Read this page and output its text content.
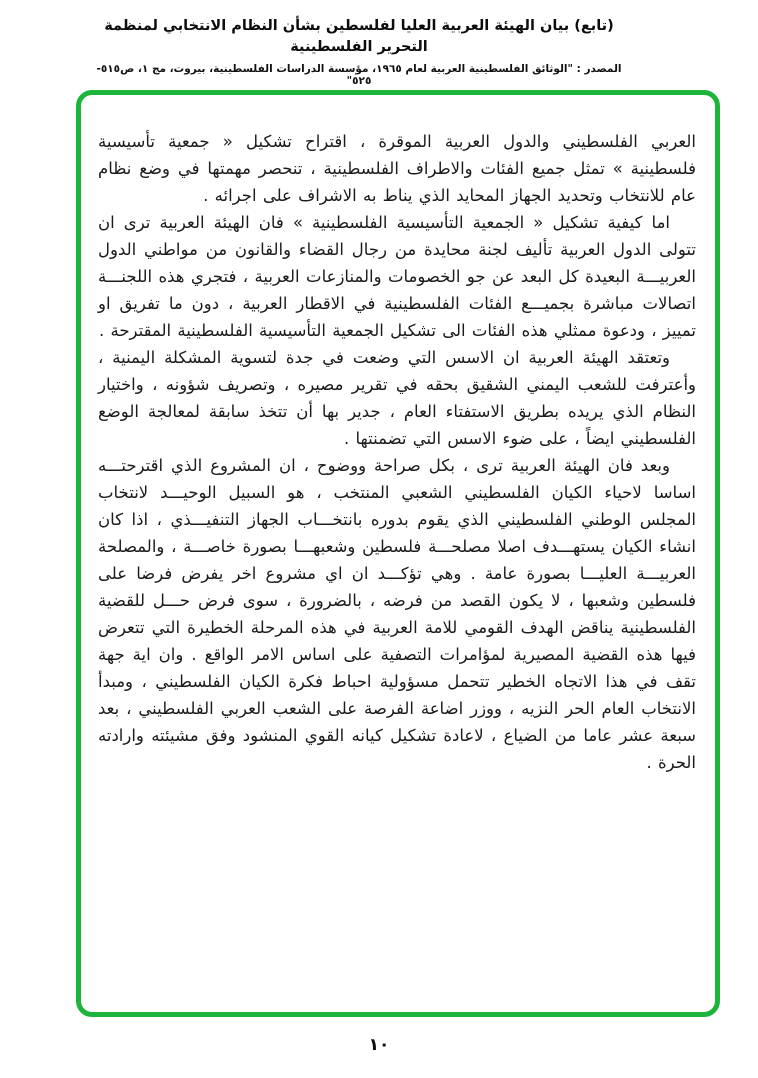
(تابع) بيان الهيئة العربية العليا لفلسطين بشأن النظام الانتخابي لمنظمة التحرير الفلسطينية
المصدر : "الوثائق الفلسطينية العربية لعام ١٩٦٥، مؤسسة الدراسات الفلسطينية، بيروت، مج ١، ص٥١٥- ٥٢٥"

العربي الفلسطيني والدول العربية الموقرة ، اقتراح تشكيل « جمعية تأسيسية فلسطينية » تمثل جميع الفئات والاطراف الفلسطينية ، تنحصر مهمتها في وضع نظام عام للانتخاب وتحديد الجهاز المحايد الذي يناط به الاشراف على اجرائه .

اما كيفية تشكيل « الجمعية التأسيسية الفلسطينية » فان الهيئة العربية ترى ان تتولى الدول العربية تأليف لجنة محايدة من رجال القضاء والقانون من مواطني الدول العربيـــة البعيدة كل البعد عن جو الخصومات والمنازعات العربية ، فتجري هذه اللجنـــة اتصالات مباشرة بجميـــع الفئات الفلسطينية في الاقطار العربية ، دون ما تفريق او تمييز ، ودعوة ممثلي هذه الفئات الى تشكيل الجمعية التأسيسية الفلسطينية المقترحة .

وتعتقد الهيئة العربية ان الاسس التي وضعت في جدة لتسوية المشكلة اليمنية ، وأعترفت للشعب اليمني الشقيق بحقه في تقرير مصيره ، وتصريف شؤونه ، واختيار النظام الذي يريده بطريق الاستفتاء العام ، جدير بها أن تتخذ سابقة لمعالجة الوضع الفلسطيني ايضاً ، على ضوء الاسس التي تضمنتها .

وبعد فان الهيئة العربية ترى ، بكل صراحة ووضوح ، ان المشروع الذي اقترحتـــه اساسا لاحياء الكيان الفلسطيني الشعبي المنتخب ، هو السبيل الوحيـــد لانتخاب المجلس الوطني الفلسطيني الذي يقوم بدوره بانتخـــاب الجهاز التنفيـــذي ، اذا كان انشاء الكيان يستهـــدف اصلا مصلحـــة فلسطين وشعبهـــا بصورة خاصـــة ، والمصلحة العربيـــة العليـــا بصورة عامة . وهي تؤكـــد ان اي مشروع اخر يفرض فرضا على فلسطين وشعبها ، لا يكون القصد من فرضه ، بالضرورة ، سوى فرض حـــل للقضية الفلسطينية يناقض الهدف القومي للامة العربية في هذه المرحلة الخطيرة التي تتعرض فيها هذه القضية المصيرية لمؤامرات التصفية على اساس الامر الواقع . وان اية جهة تقف في هذا الاتجاه الخطير تتحمل مسؤولية احباط فكرة الكيان الفلسطيني ، ومبدأ الانتخاب العام الحر النزيه ، ووزر اضاعة الفرصة على الشعب العربي الفلسطيني ، بعد سبعة عشر عاما من الضياع ، لاعادة تشكيل كيانه القوي المنشود وفق مشيئته وارادته الحرة .

١٠
